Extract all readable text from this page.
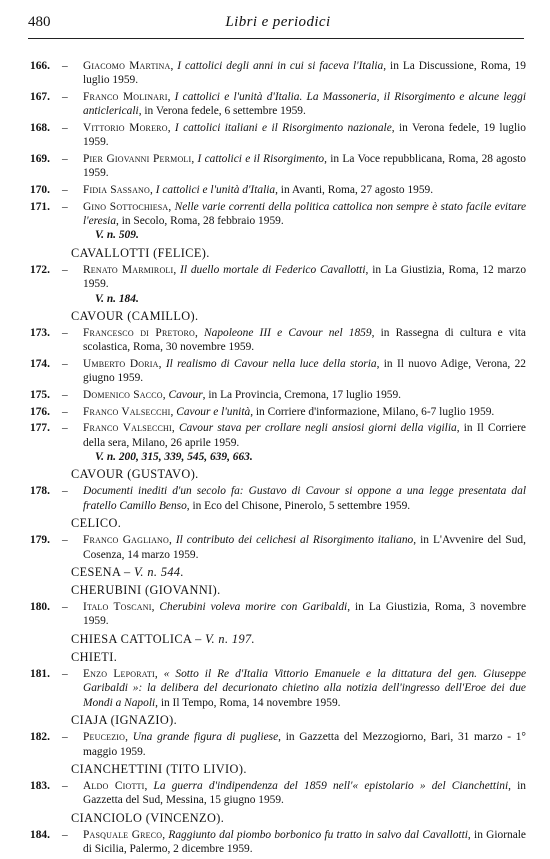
480	Libri e periodici
166. – Giacomo Martina, I cattolici degli anni in cui si faceva l'Italia, in La Discussione, Roma, 19 luglio 1959.
167. – Franco Molinari, I cattolici e l'unità d'Italia. La Massoneria, il Risorgimento e alcune leggi anticlericali, in Verona fedele, 6 settembre 1959.
168. – Vittorio Morero, I cattolici italiani e il Risorgimento nazionale, in Verona fedele, 19 luglio 1959.
169. – Pier Giovanni Permoli, I cattolici e il Risorgimento, in La Voce repubblicana, Roma, 28 agosto 1959.
170. – Fidia Sassano, I cattolici e l'unità d'Italia, in Avanti, Roma, 27 agosto 1959.
171. – Gino Sottochiesa, Nelle varie correnti della politica cattolica non sempre è stato facile evitare l'eresia, in Secolo, Roma, 28 febbraio 1959.
V. n. 509.
CAVALLOTTI (FELICE).
172. – Renato Marmiroli, Il duello mortale di Federico Cavallotti, in La Giustizia, Roma, 12 marzo 1959.
V. n. 184.
CAVOUR (CAMILLO).
173. – Francesco di Pretoro, Napoleone III e Cavour nel 1859, in Rassegna di cultura e vita scolastica, Roma, 30 novembre 1959.
174. – Umberto Doria, Il realismo di Cavour nella luce della storia, in Il nuovo Adige, Verona, 22 giugno 1959.
175. – Domenico Sacco, Cavour, in La Provincia, Cremona, 17 luglio 1959.
176. – Franco Valsecchi, Cavour e l'unità, in Corriere d'informazione, Milano, 6-7 luglio 1959.
177. – Franco Valsecchi, Cavour stava per crollare negli ansiosi giorni della vigilia, in Il Corriere della sera, Milano, 26 aprile 1959.
V. n. 200, 315, 339, 545, 639, 663.
CAVOUR (GUSTAVO).
178. – Documenti inediti d'un secolo fa: Gustavo di Cavour si oppone a una legge presentata dal fratello Camillo Benso, in Eco del Chisone, Pinerolo, 5 settembre 1959.
CELICO.
179. – Franco Gagliano, Il contributo dei celichesi al Risorgimento italiano, in L'Avvenire del Sud, Cosenza, 14 marzo 1959.
CESENA – V. n. 544.
CHERUBINI (GIOVANNI).
180. – Italo Toscani, Cherubini voleva morire con Garibaldi, in La Giustizia, Roma, 3 novembre 1959.
CHIESA CATTOLICA – V. n. 197.
CHIETI.
181. – Enzo Leporati, « Sotto il Re d'Italia Vittorio Emanuele e la dittatura del gen. Giuseppe Garibaldi »: la delibera del decurionato chietino alla notizia dell'ingresso dell'Eroe dei due Mondi a Napoli, in Il Tempo, Roma, 14 novembre 1959.
CIAJA (IGNAZIO).
182. – Peucezio, Una grande figura di pugliese, in Gazzetta del Mezzogiorno, Bari, 31 marzo - 1° maggio 1959.
CIANCHETTINI (TITO LIVIO).
183. – Aldo Ciotti, La guerra d'indipendenza del 1859 nell'« epistolario » del Cianchettini, in Gazzetta del Sud, Messina, 15 giugno 1959.
CIANCIOLO (VINCENZO).
184. – Pasquale Greco, Raggiunto dal piombo borbonico fu tratto in salvo dal Cavallotti, in Giornale di Sicilia, Palermo, 2 dicembre 1959.
